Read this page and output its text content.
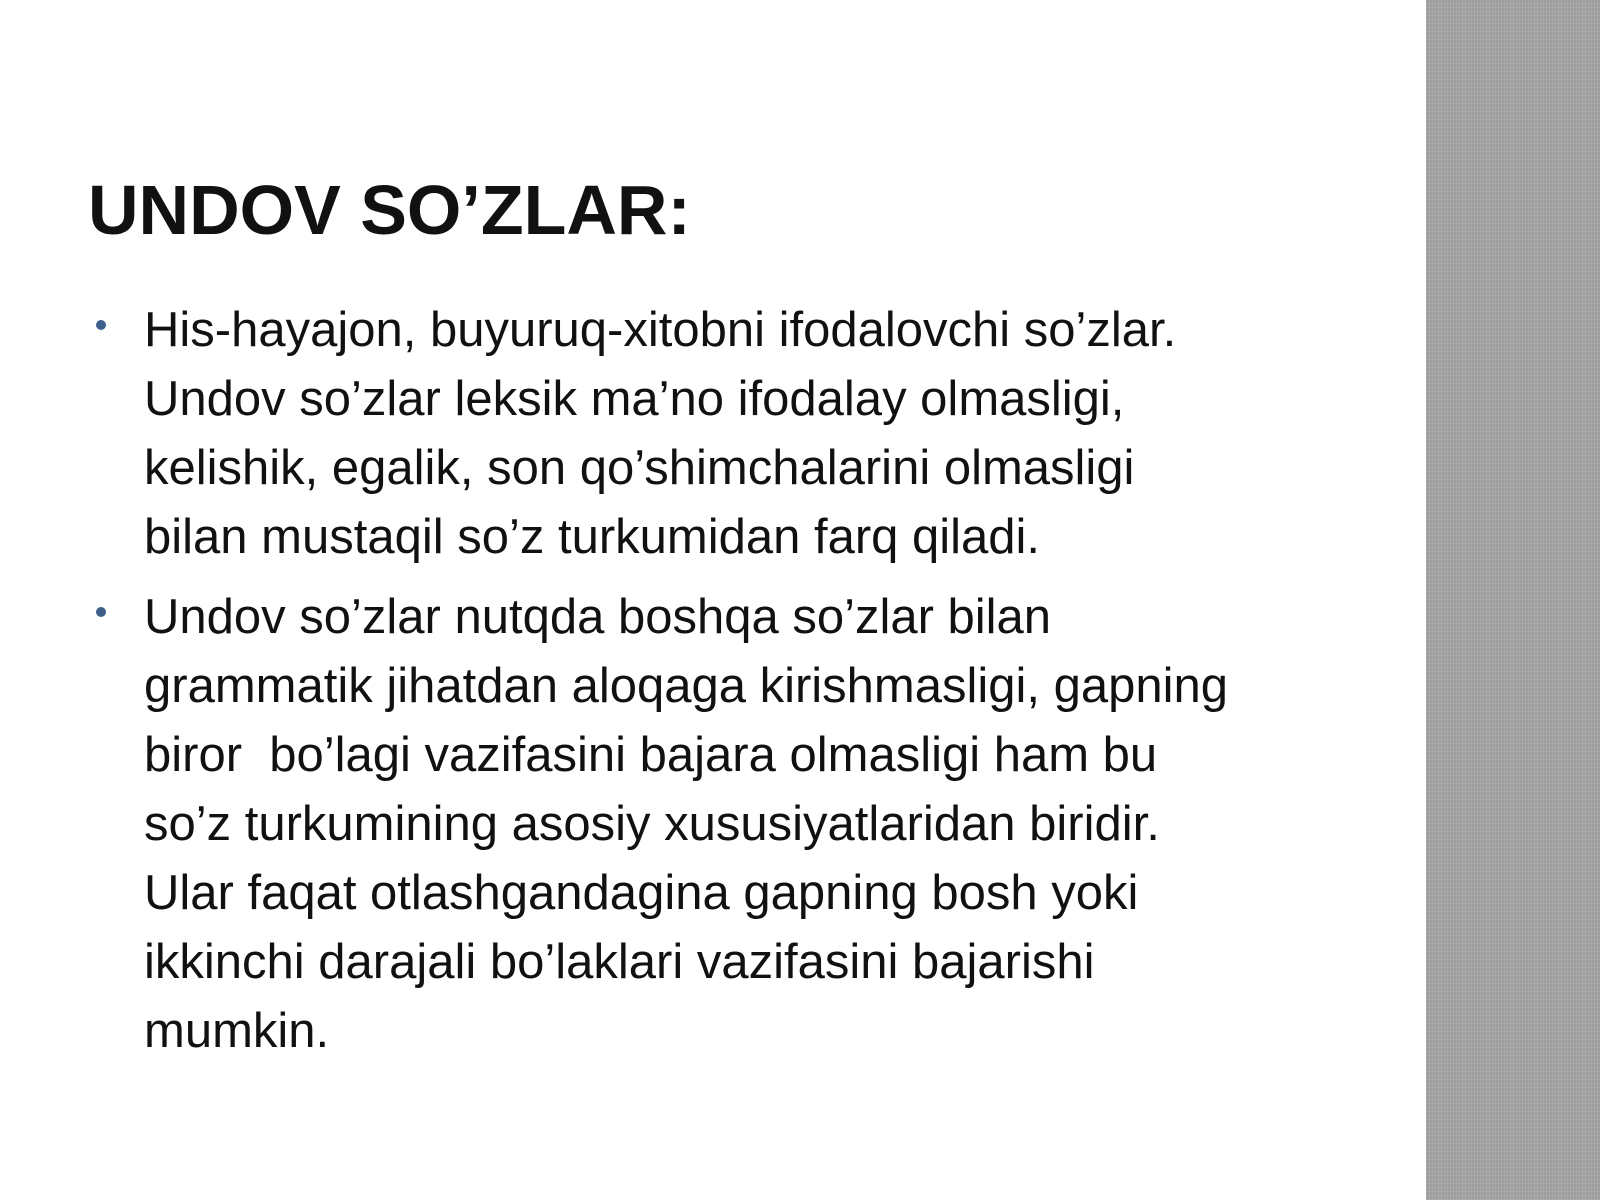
UNDOV SO’ZLAR:
His-hayajon, buyuruq-xitobni ifodalovchi so’zlar.
Undov so’zlar leksik ma’no ifodalay olmasligi,
kelishik, egalik, son qo’shimchalarini olmasligi
bilan mustaqil so’z turkumidan farq qiladi.
Undov so’zlar nutqda boshqa so’zlar bilan
grammatik jihatdan aloqaga kirishmasligi, gapning
biror  bo’lagi vazifasini bajara olmasligi ham bu
so’z turkumining asosiy xususiyatlaridan biridir.
Ular faqat otlashgandagina gapning bosh yoki
ikkinchi darajali bo’laklari vazifasini bajarishi
mumkin.
